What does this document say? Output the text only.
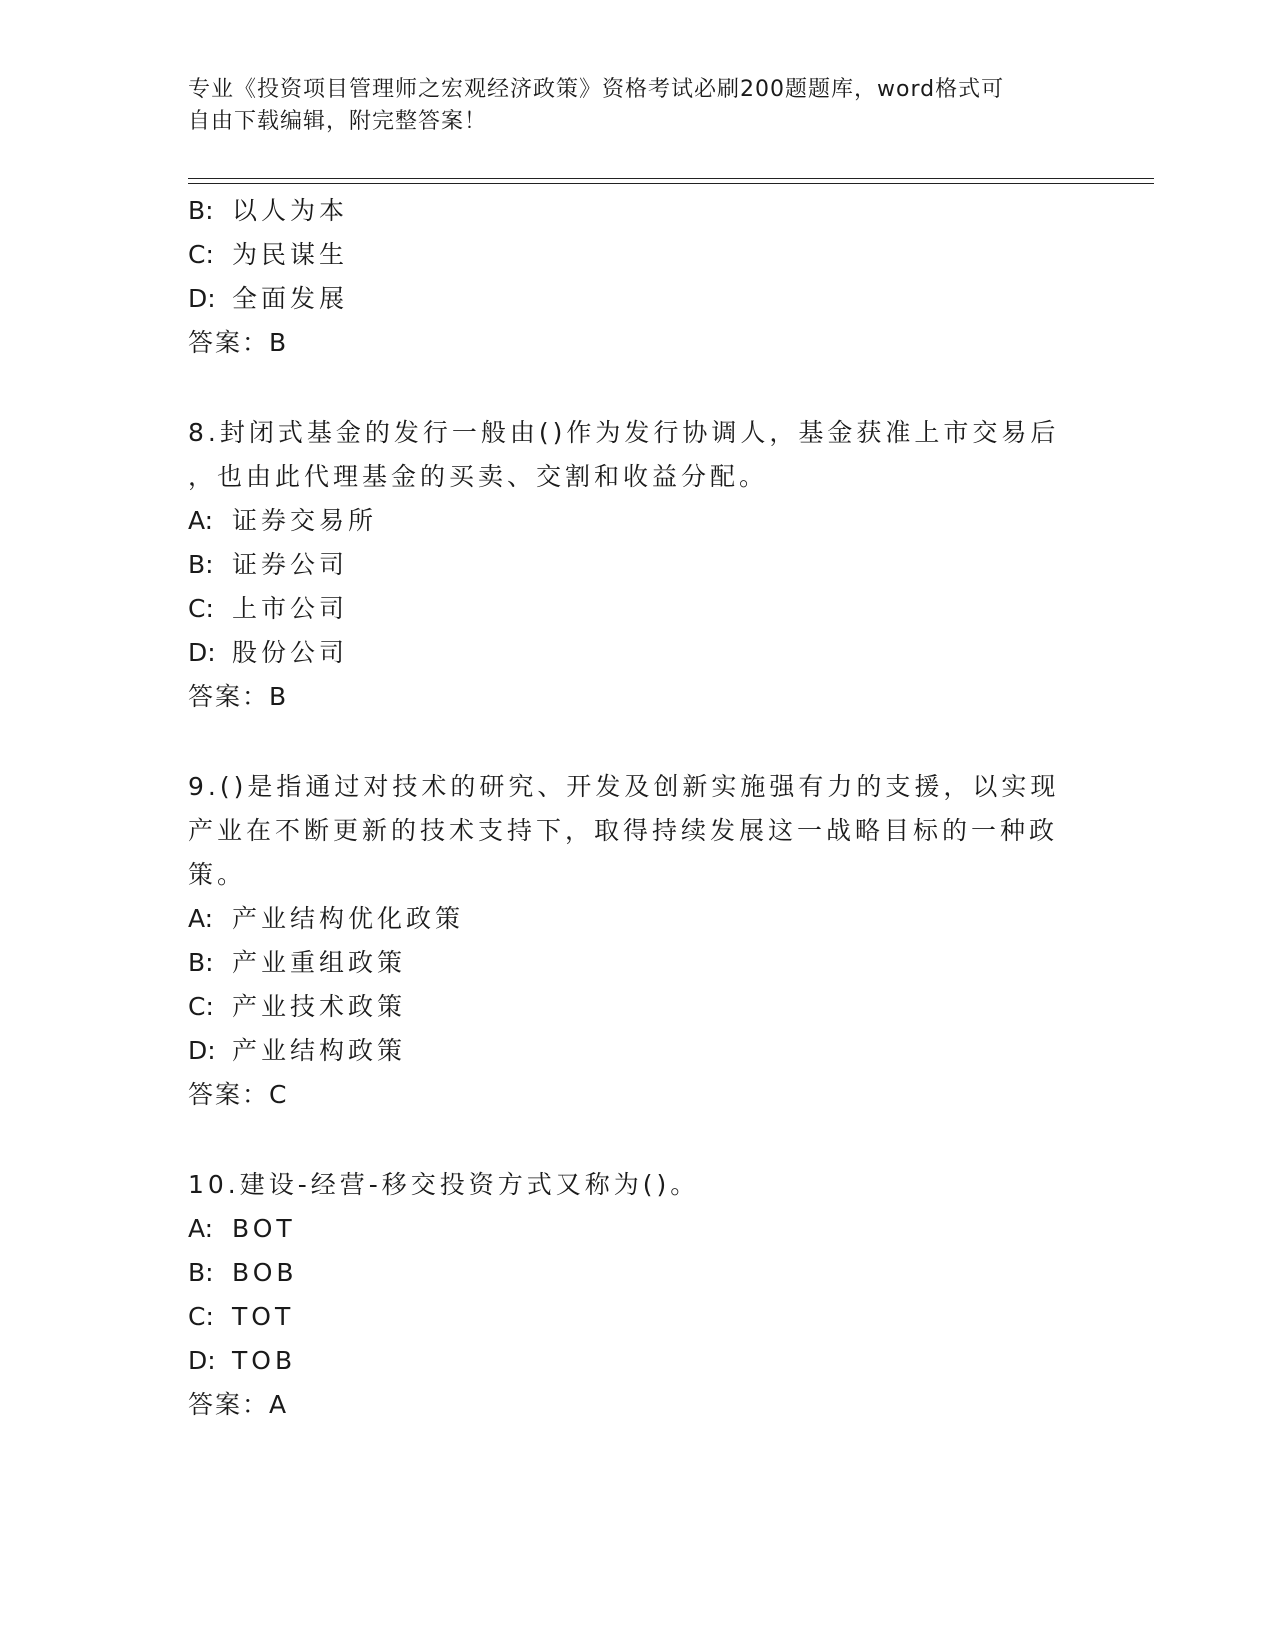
专业《投资项目管理师之宏观经济政策》资格考试必刷200题题库，word格式可
自由下载编辑，附完整答案！
B: 以人为本
C: 为民谋生
D: 全面发展
答案：B
8.封闭式基金的发行一般由()作为发行协调人，基金获准上市交易后
，也由此代理基金的买卖、交割和收益分配。
A: 证券交易所
B: 证券公司
C: 上市公司
D: 股份公司
答案：B
9.()是指通过对技术的研究、开发及创新实施强有力的支援，以实现
产业在不断更新的技术支持下，取得持续发展这一战略目标的一种政
策。
A: 产业结构优化政策
B: 产业重组政策
C: 产业技术政策
D: 产业结构政策
答案：C
10.建设-经营-移交投资方式又称为()。
A: BOT
B: BOB
C: TOT
D: TOB
答案：A
